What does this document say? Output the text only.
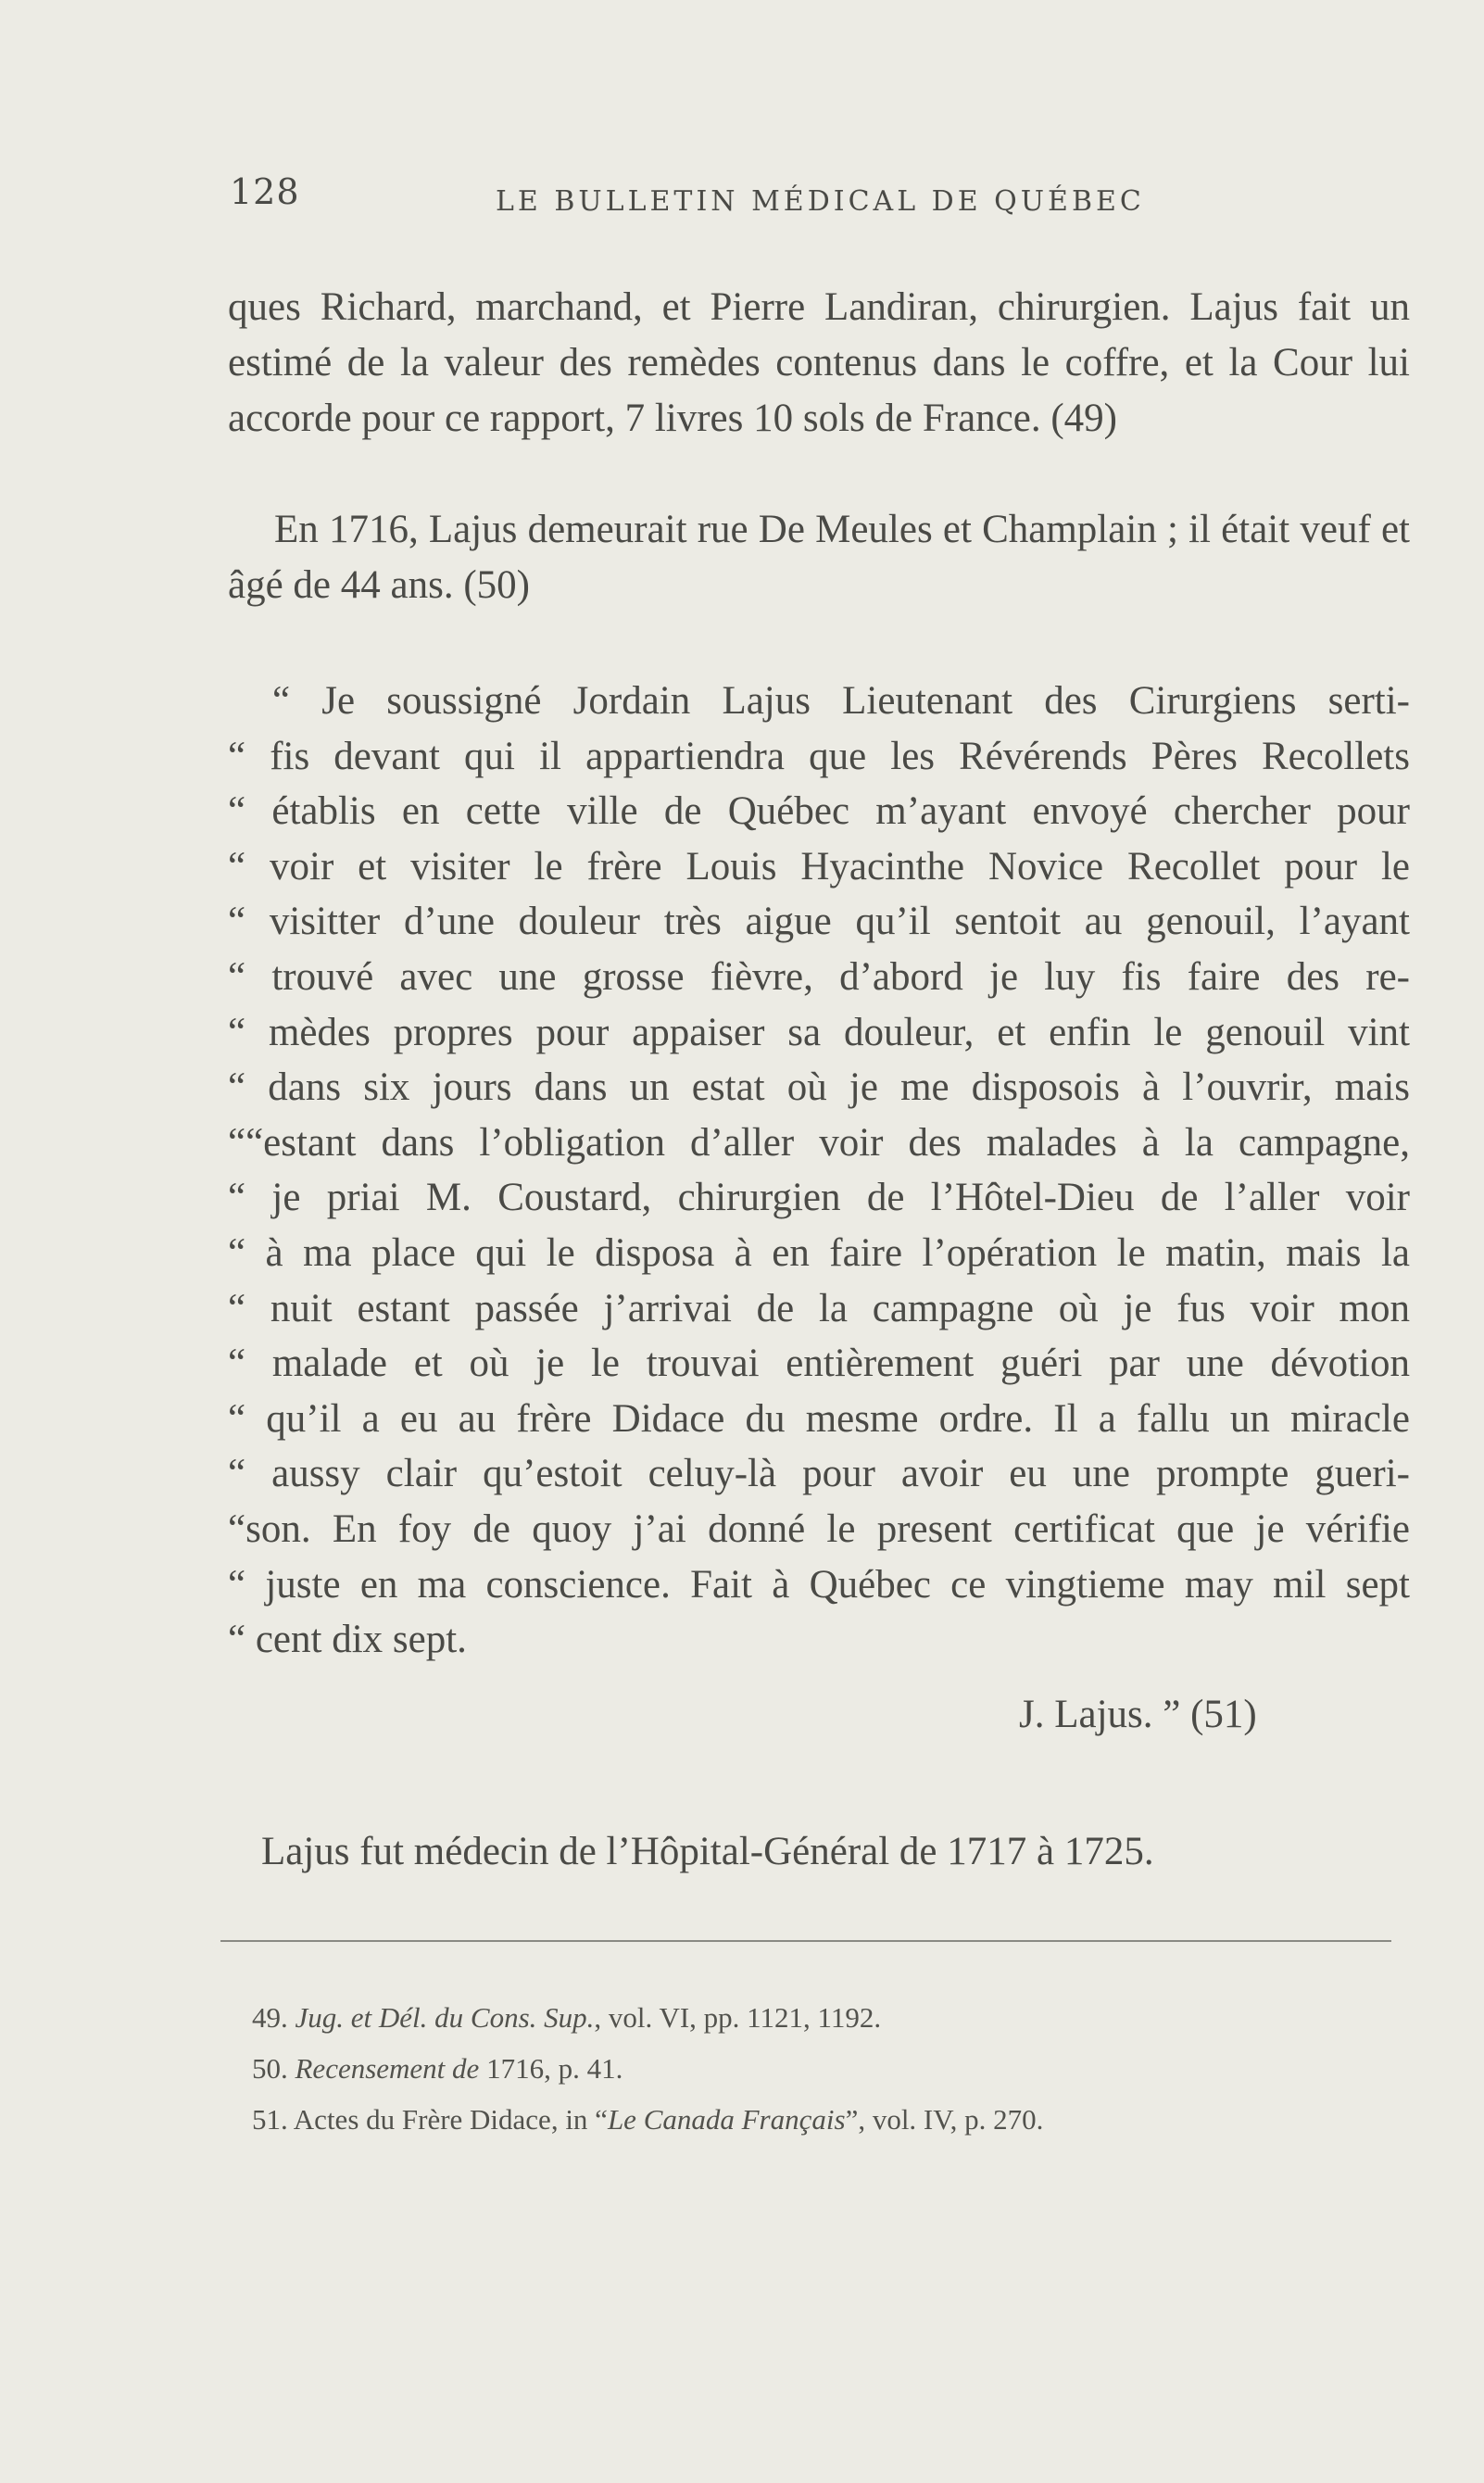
128	LE BULLETIN MÉDICAL DE QUÉBEC
ques Richard, marchand, et Pierre Landiran, chirurgien. Lajus fait un estimé de la valeur des remèdes contenus dans le coffre, et la Cour lui accorde pour ce rapport, 7 livres 10 sols de France. (49)
En 1716, Lajus demeurait rue De Meules et Champlain ; il était veuf et âgé de 44 ans. (50)
“ Je soussigné Jordain Lajus Lieutenant des Cirurgiens serti-
“ fis devant qui il appartiendra que les Révérends Pères Recollets
“ établis en cette ville de Québec m’ayant envoyé chercher pour
“ voir et visiter le frère Louis Hyacinthe Novice Recollet pour le
“ visitter d’une douleur très aigue qu’il sentoit au genouil, l’ayant
“ trouvé avec une grosse fièvre, d’abord je luy fis faire des re-
“ mèdes propres pour appaiser sa douleur, et enfin le genouil vint
“ dans six jours dans un estat où je me disposois à l’ouvrir, mais
““estant dans l’obligation d’aller voir des malades à la campagne,
“ je priai M. Coustard, chirurgien de l’Hôtel-Dieu de l’aller voir
“ à ma place qui le disposa à en faire l’opération le matin, mais la
“ nuit estant passée j’arrivai de la campagne où je fus voir mon
“ malade et où je le trouvai entièrement guéri par une dévotion
“ qu’il a eu au frère Didace du mesme ordre. Il a fallu un miracle
“ aussy clair qu’estoit celuy-là pour avoir eu une prompte gueri-
“son. En foy de quoy j’ai donné le present certificat que je vérifie
“ juste en ma conscience. Fait à Québec ce vingtieme may mil sept
“ cent dix sept.
J. Lajus. ” (51)
Lajus fut médecin de l’Hôpital-Général de 1717 à 1725.
49. Jug. et Dél. du Cons. Sup., vol. VI, pp. 1121, 1192.
50. Recensement de 1716, p. 41.
51. Actes du Frère Didace, in “Le Canada Français”, vol. IV, p. 270.
